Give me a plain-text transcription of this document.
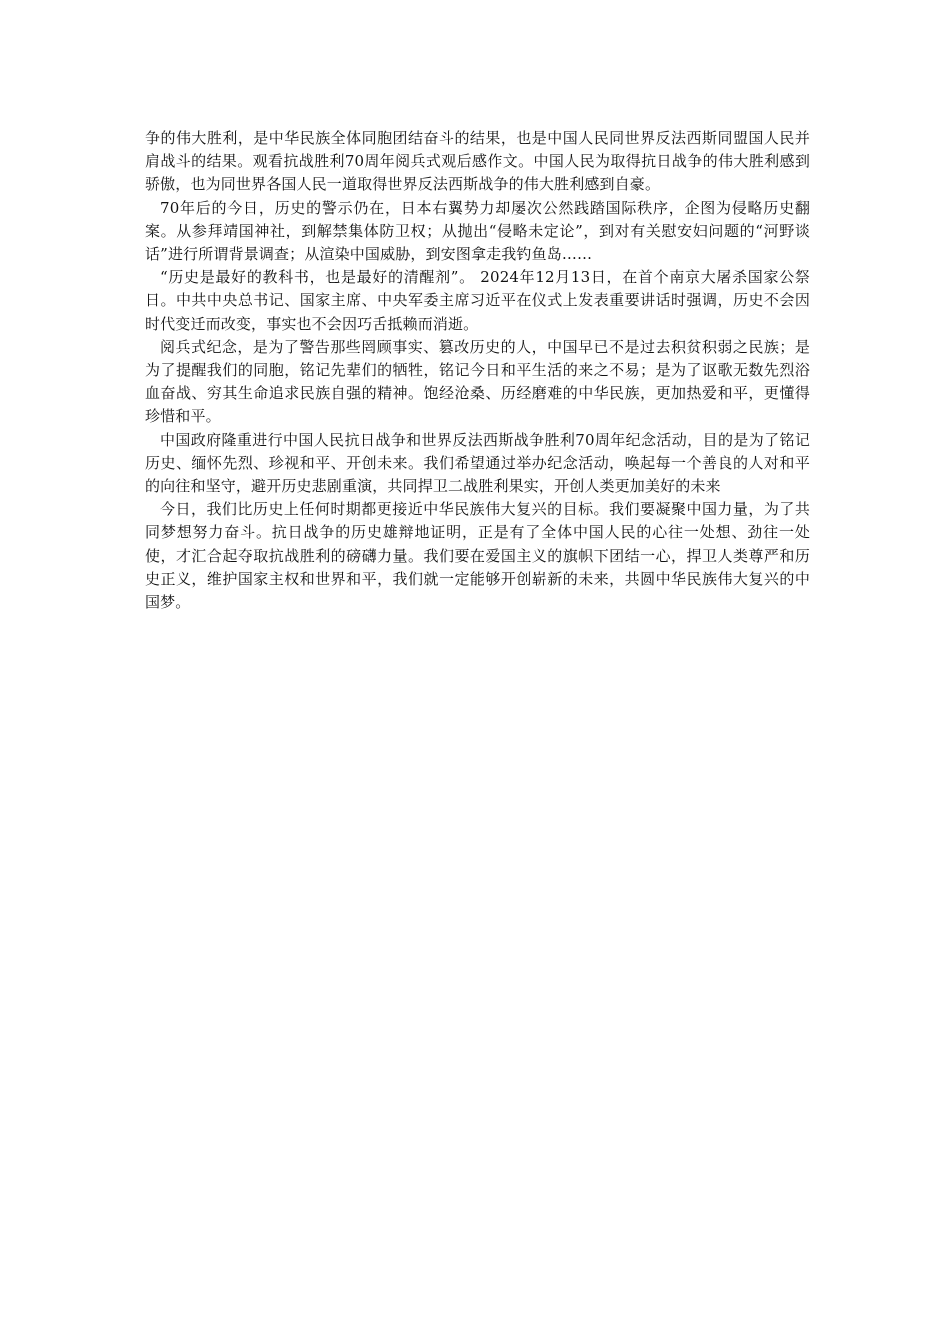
争的伟大胜利，是中华民族全体同胞团结奋斗的结果，也是中国人民同世界反法西斯同盟国人民并肩战斗的结果。观看抗战胜利70周年阅兵式观后感作文。中国人民为取得抗日战争的伟大胜利感到骄傲，也为同世界各国人民一道取得世界反法西斯战争的伟大胜利感到自豪。

70年后的今日，历史的警示仍在，日本右翼势力却屡次公然践踏国际秩序，企图为侵略历史翻案。从参拜靖国神社，到解禁集体防卫权；从抛出“侵略未定论”，到对有关慰安妇问题的“河野谈话”进行所谓背景调查；从渲染中国威胁，到安图拿走我钓鱼岛……

“历史是最好的教科书，也是最好的清醒剂”。 2024年12月13日，在首个南京大屠杀国家公祭日。中共中央总书记、国家主席、中央军委主席习近平在仪式上发表重要讲话时强调，历史不会因时代变迁而改变，事实也不会因巧舌抵赖而消逝。

阅兵式纪念，是为了警告那些罔顾事实、篡改历史的人，中国早已不是过去积贫积弱之民族；是为了提醒我们的同胞，铭记先辈们的牺牲，铭记今日和平生活的来之不易；是为了讴歌无数先烈浴血奋战、穷其生命追求民族自强的精神。饱经沧桑、历经磨难的中华民族，更加热爱和平，更懂得珍惜和平。

中国政府隆重进行中国人民抗日战争和世界反法西斯战争胜利70周年纪念活动，目的是为了铭记历史、缅怀先烈、珍视和平、开创未来。我们希望通过举办纪念活动，唤起每一个善良的人对和平的向往和坚守，避开历史悲剧重演，共同捍卫二战胜利果实，开创人类更加美好的未来

今日，我们比历史上任何时期都更接近中华民族伟大复兴的目标。我们要凝聚中国力量，为了共同梦想努力奋斗。抗日战争的历史雄辩地证明，正是有了全体中国人民的心往一处想、劲往一处使，才汇合起夺取抗战胜利的磅礴力量。我们要在爱国主义的旗帜下团结一心，捍卫人类尊严和历史正义，维护国家主权和世界和平，我们就一定能够开创崭新的未来，共圆中华民族伟大复兴的中国梦。
